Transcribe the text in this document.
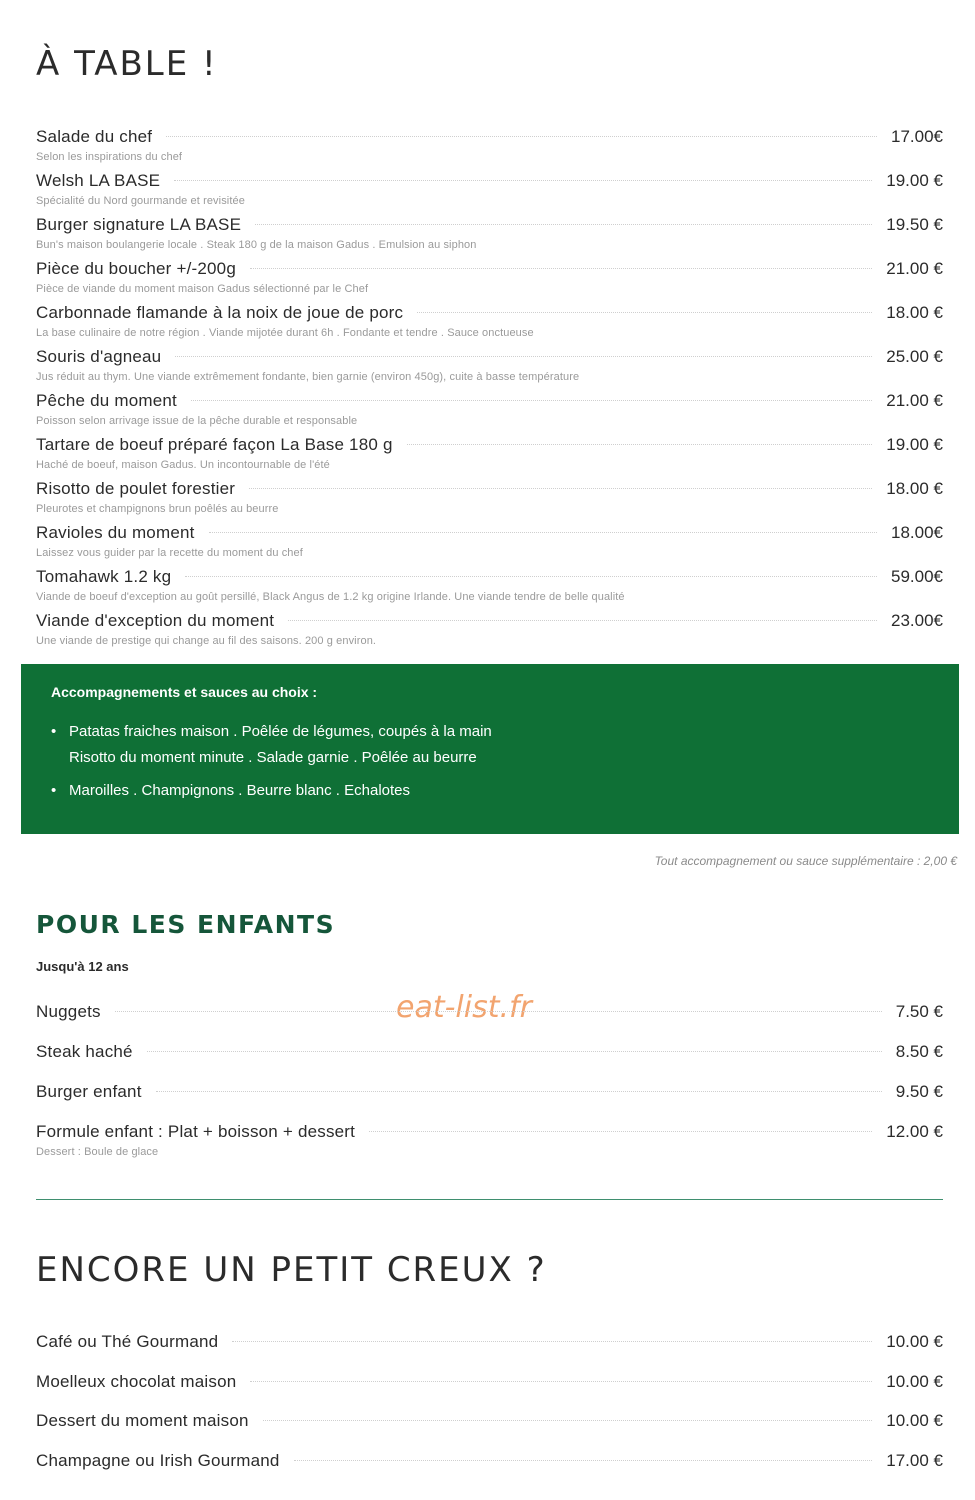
À TABLE !
Salade du chef	17.00€
Selon les inspirations du chef
Welsh LA BASE	19.00 €
Spécialité du Nord gourmande et revisitée
Burger signature LA BASE	19.50 €
Bun's maison boulangerie locale . Steak 180 g de la maison Gadus . Emulsion au siphon
Pièce du boucher +/-200g	21.00 €
Pièce de viande du moment maison Gadus sélectionné par le Chef
Carbonnade flamande à la noix de joue de porc	18.00 €
La base culinaire de notre région . Viande mijotée durant 6h . Fondante et tendre . Sauce onctueuse
Souris d'agneau	25.00 €
Jus réduit au thym. Une viande extrêmement fondante, bien garnie (environ 450g), cuite à basse température
Pêche du moment	21.00 €
Poisson selon arrivage issue de la pêche durable et responsable
Tartare de boeuf préparé façon La Base 180 g	19.00 €
Haché de boeuf, maison Gadus. Un incontournable de l'été
Risotto de poulet forestier	18.00 €
Pleurotes et champignons brun poêlés au beurre
Ravioles du moment	18.00€
Laissez vous guider par la recette du moment du chef
Tomahawk 1.2 kg	59.00€
Viande de boeuf d'exception au goût persillé, Black Angus de 1.2 kg origine Irlande. Une viande tendre de belle qualité
Viande d'exception du moment	23.00€
Une viande de prestige qui change au fil des saisons. 200 g environ.
Accompagnements et sauces au choix :
• Patatas fraiches maison . Poêlée de légumes, coupés à la main
Risotto du moment minute . Salade garnie . Poêlée au beurre
• Maroilles . Champignons . Beurre blanc . Echalotes
Tout accompagnement ou sauce supplémentaire : 2,00 €
POUR LES ENFANTS
Jusqu'à 12 ans
eat-list.fr
Nuggets	7.50 €
Steak haché	8.50 €
Burger enfant	9.50 €
Formule enfant : Plat + boisson + dessert	12.00 €
Dessert : Boule de glace
ENCORE UN PETIT CREUX ?
Café ou Thé Gourmand	10.00 €
Moelleux chocolat maison	10.00 €
Dessert du moment maison	10.00 €
Champagne ou Irish Gourmand	17.00 €
